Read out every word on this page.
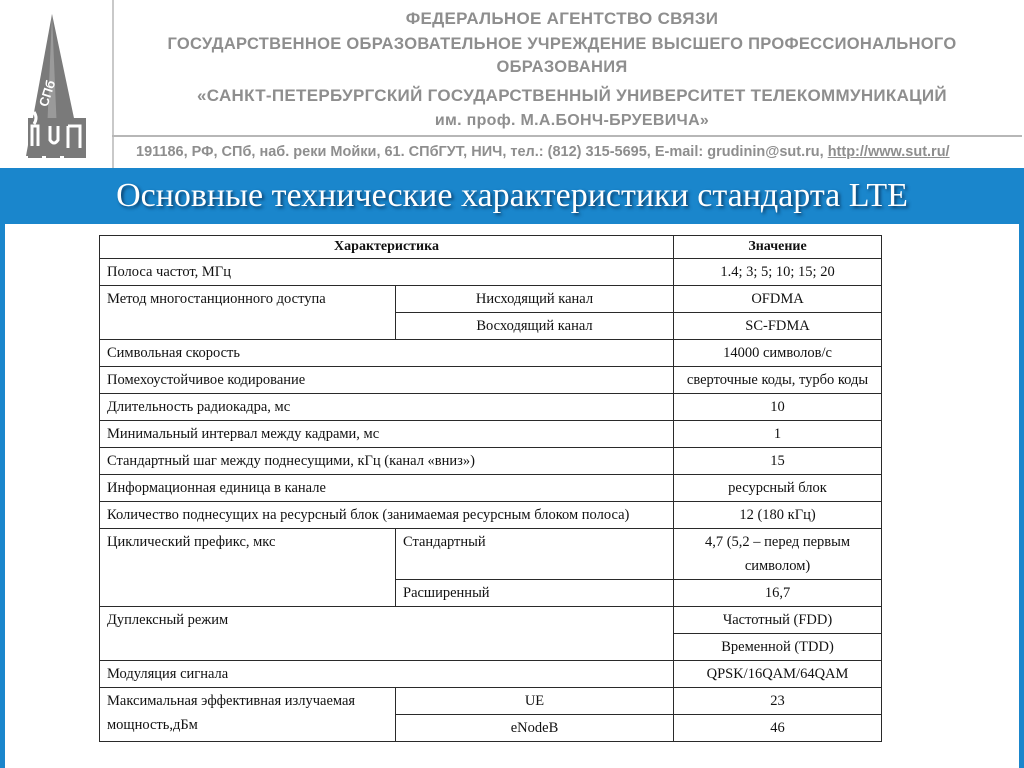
СПб
ФЕДЕРАЛЬНОЕ АГЕНТСТВО СВЯЗИ
ГОСУДАРСТВЕННОЕ ОБРАЗОВАТЕЛЬНОЕ УЧРЕЖДЕНИЕ ВЫСШЕГО ПРОФЕССИОНАЛЬНОГО
ОБРАЗОВАНИЯ
«САНКТ-ПЕТЕРБУРГСКИЙ ГОСУДАРСТВЕННЫЙ УНИВЕРСИТЕТ ТЕЛЕКОММУНИКАЦИЙ
им. проф. М.А.БОНЧ-БРУЕВИЧА»
191186, РФ, СПб, наб. реки Мойки, 61. СПбГУТ, НИЧ, тел.: (812) 315-5695, E-mail: grudinin@sut.ru, http://www.sut.ru/
Основные технические характеристики стандарта LTE
Характеристика		Значение
Полоса частот, МГц		1.4; 3; 5; 10; 15; 20
Метод многостанционного доступа	Нисходящий канал	OFDMA
	Восходящий канал	SC-FDMA
Символьная скорость		14000 символов/с
Помехоустойчивое кодирование		сверточные коды, турбо коды
Длительность радиокадра, мс		10
Минимальный интервал между кадрами, мс		1
Стандартный шаг между поднесущими, кГц (канал «вниз»)		15
Информационная единица в канале		ресурсный блок
Количество поднесущих на ресурсный блок (занимаемая ресурсным блоком полоса)		12 (180 кГц)
Циклический префикс, мкс	Стандартный	4,7 (5,2 – перед первым символом)
	Расширенный	16,7
Дуплексный режим		Частотный (FDD)
		Временной (TDD)
Модуляция сигнала		QPSK/16QAM/64QAM
Максимальная эффективная излучаемая мощность,дБм	UE	23
	eNodeB	46
